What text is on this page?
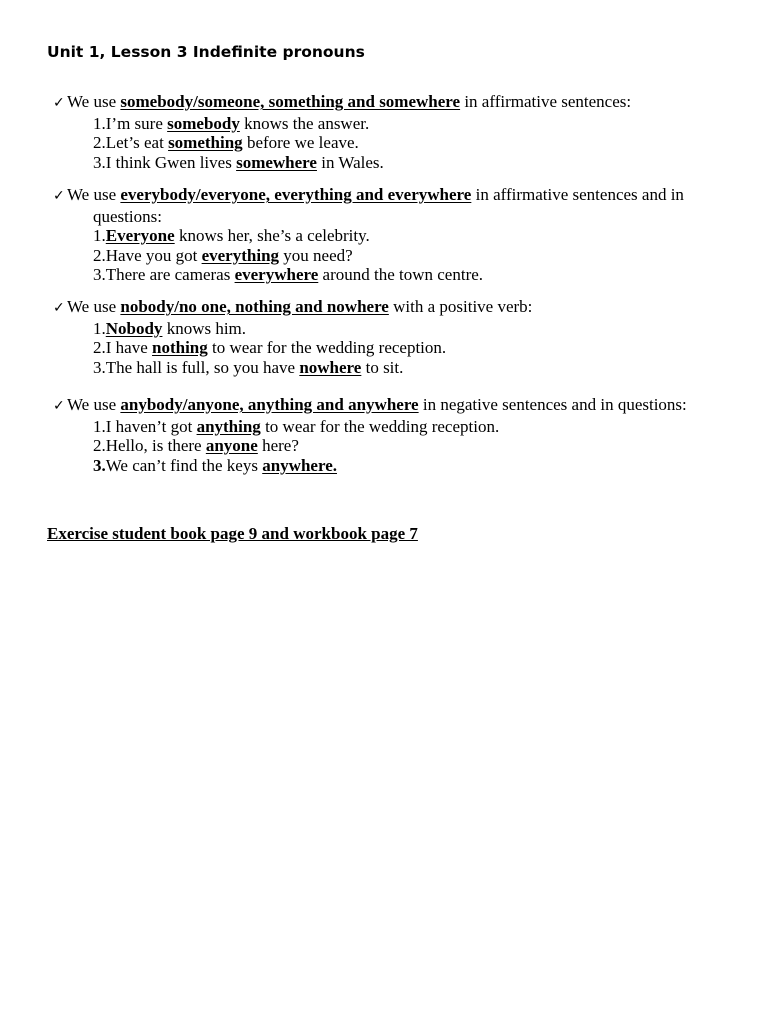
Unit 1, Lesson 3 Indefinite pronouns
✓ We use somebody/someone, something and somewhere in affirmative sentences:
1.I’m sure somebody knows the answer.
2.Let’s eat something before we leave.
3.I think Gwen lives somewhere in Wales.
✓ We use everybody/everyone, everything and everywhere in affirmative sentences and in
questions:
1.Everyone knows her, she’s a celebrity.
2.Have you got everything you need?
3.There are cameras everywhere around the town centre.
✓ We use nobody/no one, nothing and nowhere with a positive verb:
1.Nobody knows him.
2.I have nothing to wear for the wedding reception.
3.The hall is full, so you have nowhere to sit.
✓ We use anybody/anyone, anything and anywhere in negative sentences and in questions:
1.I haven’t got anything to wear for the wedding reception.
2.Hello, is there anyone here?
3.We can’t find the keys anywhere.
Exercise student book page 9 and workbook page 7
